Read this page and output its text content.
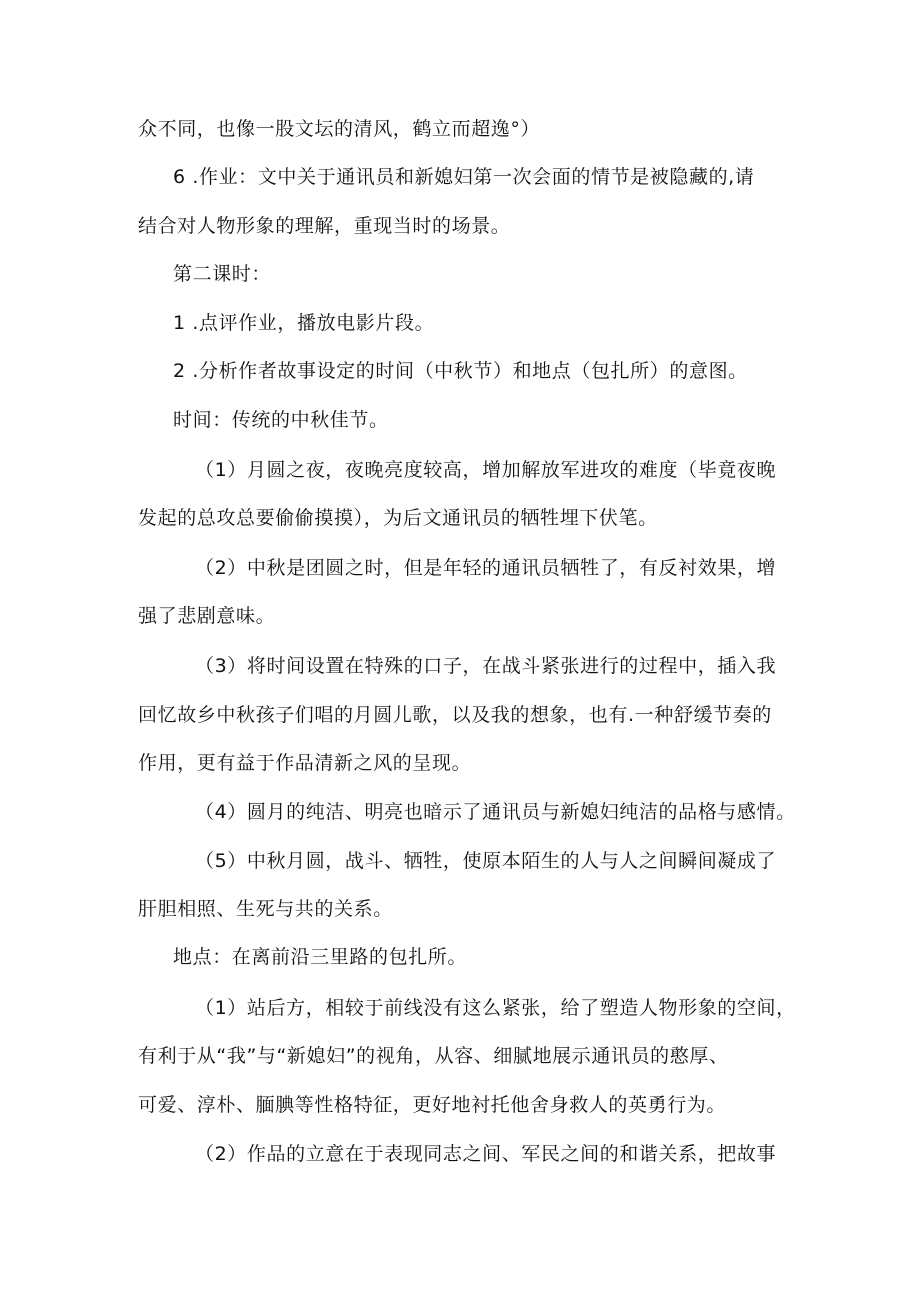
众不同，也像一股文坛的清风，鹤立而超逸°）
6 .作业：文中关于通讯员和新媳妇第一次会面的情节是被隐藏的,请
结合对人物形象的理解，重现当时的场景。
第二课时：
1 .点评作业，播放电影片段。
2 .分析作者故事设定的时间（中秋节）和地点（包扎所）的意图。
时间：传统的中秋佳节。
（1）月圆之夜，夜晚亮度较高，增加解放军进攻的难度（毕竟夜晚
发起的总攻总要偷偷摸摸），为后文通讯员的牺牲埋下伏笔。
（2）中秋是团圆之时，但是年轻的通讯员牺牲了，有反衬效果，增
强了悲剧意味。
（3）将时间设置在特殊的口子，在战斗紧张进行的过程中，插入我
回忆故乡中秋孩子们唱的月圆儿歌，以及我的想象，也有.一种舒缓节奏的
作用，更有益于作品清新之风的呈现。
（4）圆月的纯洁、明亮也暗示了通讯员与新媳妇纯洁的品格与感情。
（5）中秋月圆，战斗、牺牲，使原本陌生的人与人之间瞬间凝成了
肝胆相照、生死与共的关系。
地点：在离前沿三里路的包扎所。
（1）站后方，相较于前线没有这么紧张，给了塑造人物形象的空间，
有利于从“我”与“新媳妇”的视角，从容、细腻地展示通讯员的憨厚、
可爱、淳朴、腼腆等性格特征，更好地衬托他舍身救人的英勇行为。
（2）作品的立意在于表现同志之间、军民之间的和谐关系，把故事
